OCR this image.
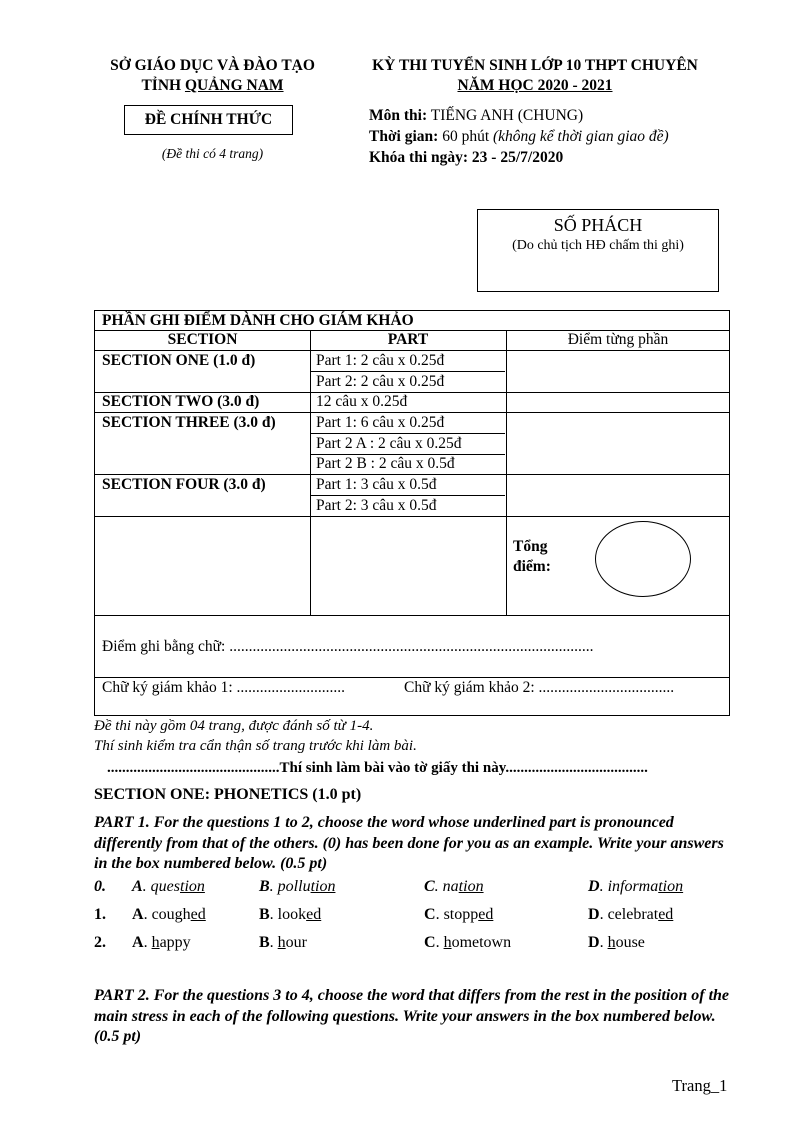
SỞ GIÁO DỤC VÀ ĐÀO TẠO
TỈNH QUẢNG NAM
KỲ THI TUYỂN SINH LỚP 10 THPT CHUYÊN
NĂM HỌC 2020 - 2021
ĐỀ CHÍNH THỨC
(Đề thi có 4 trang)
Môn thi: TIẾNG ANH (CHUNG)
Thời gian: 60 phút (không kể thời gian giao đề)
Khóa thi ngày: 23 - 25/7/2020
SỐ PHÁCH
(Do chủ tịch HĐ chấm thi ghi)
PHẦN GHI ĐIỂM DÀNH CHO GIÁM KHẢO
SECTION	PART	Điểm từng phần
SECTION ONE (1.0 đ)	Part 1: 2 câu x 0.25đ
Part 2: 2 câu x 0.25đ
SECTION TWO (3.0 đ)	12 câu x 0.25đ
SECTION THREE (3.0 đ)	Part 1: 6 câu x 0.25đ
Part 2 A : 2 câu x 0.25đ
Part 2 B : 2 câu x 0.5đ
SECTION FOUR (3.0 đ)	Part 1: 3 câu x 0.5đ
Part 2: 3 câu x 0.5đ
Tổng
điểm:
Điểm ghi bằng chữ: ..............................................................................................
Chữ ký giám khảo 1: ............................	Chữ ký giám khảo 2: ...................................
Đề thi này gồm 04 trang, được đánh số từ 1-4.
Thí sinh kiểm tra cẩn thận số trang trước khi làm bài.
..............................................Thí sinh làm bài vào tờ giấy thi này......................................
SECTION ONE: PHONETICS (1.0 pt)
PART 1. For the questions 1 to 2, choose the word whose underlined part is pronounced differently from that of the others. (0) has been done for you as an example. Write your answers in the box numbered below. (0.5 pt)
0. A. question	B. pollution	C. nation	D. information
1. A. coughed	B. looked	C. stopped	D. celebrated
2. A. happy	B. hour	C. hometown	D. house
PART 2. For the questions 3 to 4, choose the word that differs from the rest in the position of the main stress in each of the following questions. Write your answers in the box numbered below. (0.5 pt)
Trang_1
